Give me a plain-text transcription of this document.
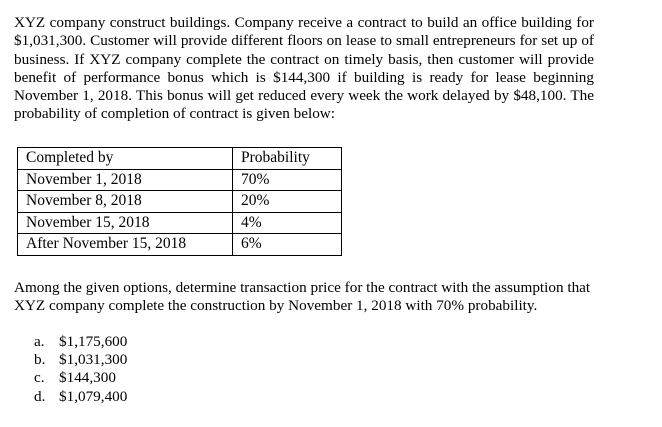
XYZ company construct buildings. Company receive a contract to build an office building for $1,031,300. Customer will provide different floors on lease to small entrepreneurs for set up of business. If XYZ company complete the contract on timely basis, then customer will provide benefit of performance bonus which is $144,300 if building is ready for lease beginning November 1, 2018. This bonus will get reduced every week the work delayed by $48,100. The probability of completion of contract is given below:

Completed by	Probability
November 1, 2018	70%
November 8, 2018	20%
November 15, 2018	4%
After November 15, 2018	6%

Among the given options, determine transaction price for the contract with the assumption that XYZ company complete the construction by November 1, 2018 with 70% probability.

a. $1,175,600
b. $1,031,300
c. $144,300
d. $1,079,400
